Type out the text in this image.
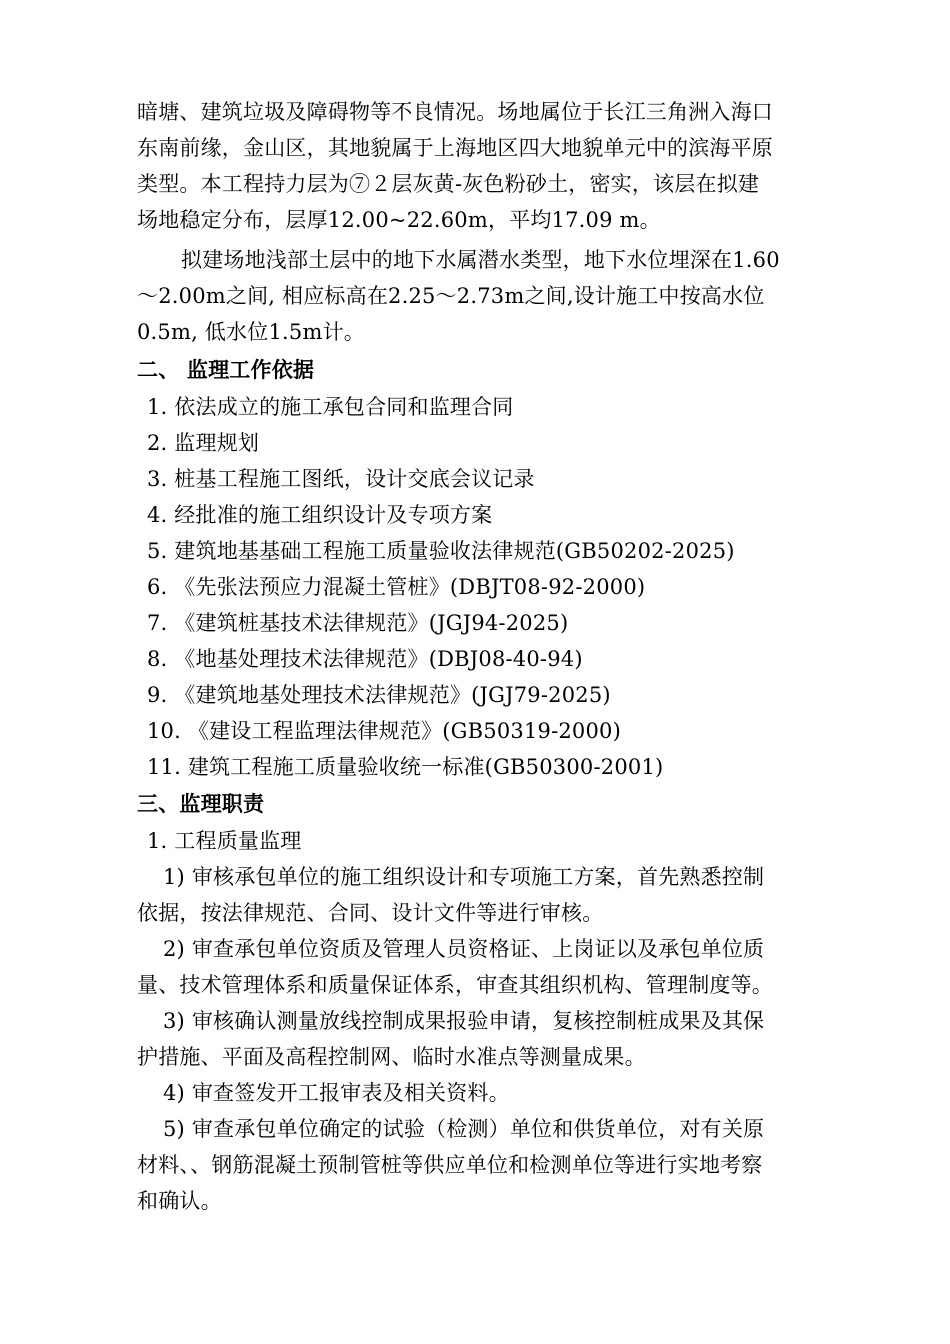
暗塘、建筑垃圾及障碍物等不良情况。场地属位于长江三角洲入海口
东南前缘，金山区，其地貌属于上海地区四大地貌单元中的滨海平原
类型。本工程持力层为⑦２层灰黄-灰色粉砂土，密实，该层在拟建
场地稳定分布，层厚12.00~22.60m，平均17.09 m。
拟建场地浅部土层中的地下水属潜水类型，地下水位埋深在1.60
～2.00m之间, 相应标高在2.25～2.73m之间,设计施工中按高水位
0.5m, 低水位1.5m计。
二、 监理工作依据
1. 依法成立的施工承包合同和监理合同
2. 监理规划
3. 桩基工程施工图纸，设计交底会议记录
4. 经批准的施工组织设计及专项方案
5. 建筑地基基础工程施工质量验收法律规范(GB50202-2025)
6. 《先张法预应力混凝土管桩》(DBJT08-92-2000)
7. 《建筑桩基技术法律规范》(JGJ94-2025)
8. 《地基处理技术法律规范》(DBJ08-40-94)
9. 《建筑地基处理技术法律规范》(JGJ79-2025)
10. 《建设工程监理法律规范》(GB50319-2000)
11. 建筑工程施工质量验收统一标准(GB50300-2001)
三、监理职责
1. 工程质量监理
1) 审核承包单位的施工组织设计和专项施工方案，首先熟悉控制
依据，按法律规范、合同、设计文件等进行审核。
2) 审查承包单位资质及管理人员资格证、上岗证以及承包单位质
量、技术管理体系和质量保证体系，审查其组织机构、管理制度等。
3) 审核确认测量放线控制成果报验申请，复核控制桩成果及其保
护措施、平面及高程控制网、临时水准点等测量成果。
4) 审查签发开工报审表及相关资料。
5) 审查承包单位确定的试验（检测）单位和供货单位，对有关原
材料、、钢筋混凝土预制管桩等供应单位和检测单位等进行实地考察
和确认。
